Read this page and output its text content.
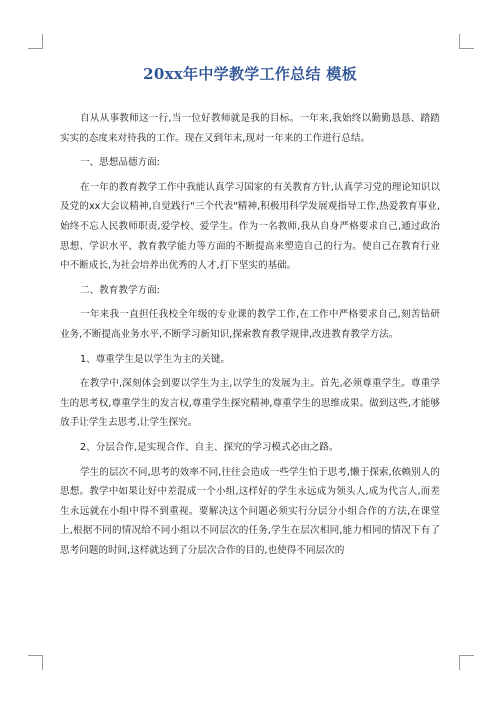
20xx年中学教学工作总结 模板

自从从事教师这一行,当一位好教师就是我的目标。一年来,我始终以勤勤恳恳、踏踏实实的态度来对待我的工作。现在又到年末,现对一年来的工作进行总结。

一、思想品德方面:

在一年的教育教学工作中我能认真学习国家的有关教育方针,认真学习党的理论知识以及党的xx大会议精神,自觉践行"三个代表"精神,积极用科学发展观指导工作,热爱教育事业,始终不忘人民教师职责,爱学校、爱学生。作为一名教师,我从自身严格要求自己,通过政治思想、学识水平、教育教学能力等方面的不断提高来塑造自己的行为。使自己在教育行业中不断成长,为社会培养出优秀的人才,打下坚实的基础。

二、教育教学方面:

一年来我一直担任我校全年级的专业课的教学工作,在工作中严格要求自己,刻苦钻研业务,不断提高业务水平,不断学习新知识,探索教育教学规律,改进教育教学方法。

1、尊重学生是以学生为主的关键。

在教学中,深刻体会到要以学生为主,以学生的发展为主。首先,必须尊重学生。尊重学生的思考权,尊重学生的发言权,尊重学生探究精神,尊重学生的思维成果。做到这些,才能够放手让学生去思考,让学生探究。

2、分层合作,是实现合作、自主、探究的学习模式必由之路。

学生的层次不同,思考的效率不同,往往会造成一些学生怕于思考,懒于探索,依赖别人的思想。教学中如果让好中差混成一个小组,这样好的学生永远成为领头人,成为代言人,而差生永远就在小组中得不到重视。要解决这个问题必须实行分层分小组合作的方法,在课堂上,根据不同的情况给不同小组以不同层次的任务,学生在层次相同,能力相同的情况下有了思考问题的时间,这样就达到了分层次合作的目的,也使得不同层次的
